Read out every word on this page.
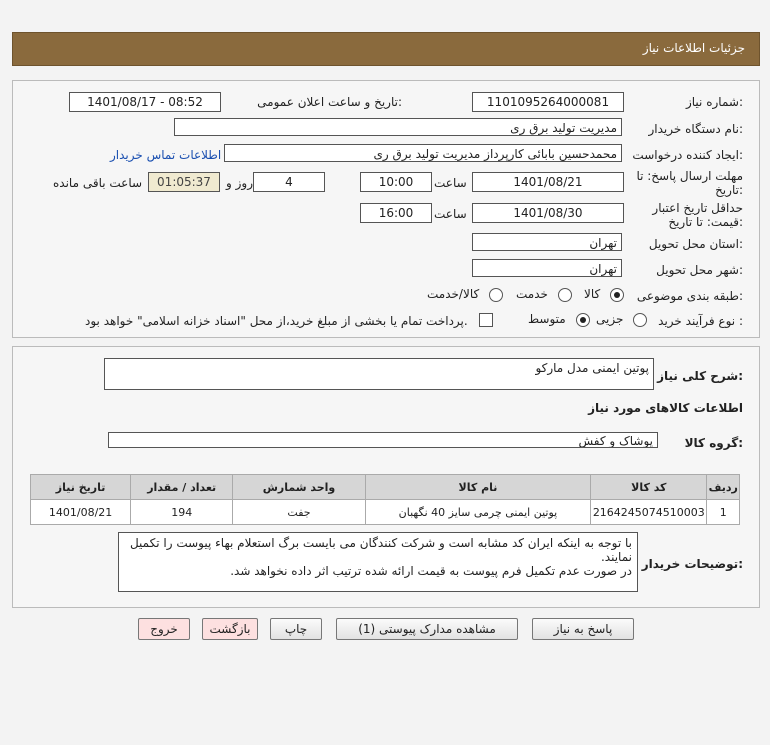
جزئیات اطلاعات نیاز
شماره نیاز:
1101095264000081
تاریخ و ساعت اعلان عمومی:
1401/08/17 - 08:52
نام دستگاه خریدار:
مدیریت تولید برق ری
ایجاد کننده درخواست:
محمدحسین بابائی کارپرداز مدیریت تولید برق ری
اطلاعات تماس خریدار
مهلت ارسال پاسخ: تا
تاریخ:
1401/08/21
ساعت
10:00
4
روز و
01:05:37
ساعت باقی مانده
حداقل تاریخ اعتبار
قیمت: تا تاریخ:
1401/08/30
ساعت
16:00
استان محل تحویل:
تهران
شهر محل تحویل:
تهران
طبقه بندی موضوعی:
کالا
خدمت
کالا/خدمت
نوع فرآیند خرید :
جزیی
متوسط
پرداخت تمام یا بخشی از مبلغ خرید،از محل "اسناد خزانه اسلامی" خواهد بود.
شرح کلی نیاز:
پوتین ایمنی مدل مارکو
اطلاعات کالاهای مورد نیاز
گروه کالا:
پوشاک و کفش
ردیف	کد کالا	نام کالا	واحد شمارش	تعداد / مقدار	تاریخ نیاز
1	2164245074510003	پوتین ایمنی چرمی سایز 40 نگهبان	جفت	194	1401/08/21
توضیحات خریدار:
با توجه به اینکه ایران کد مشابه است و شرکت کنندگان می بایست برگ استعلام بهاء پیوست را تکمیل نمایند.
در صورت عدم تکمیل فرم پیوست به قیمت ارائه شده ترتیب اثر داده نخواهد شد.
پاسخ به نیاز
مشاهده مدارک پیوستی (1)
چاپ
بازگشت
خروج
